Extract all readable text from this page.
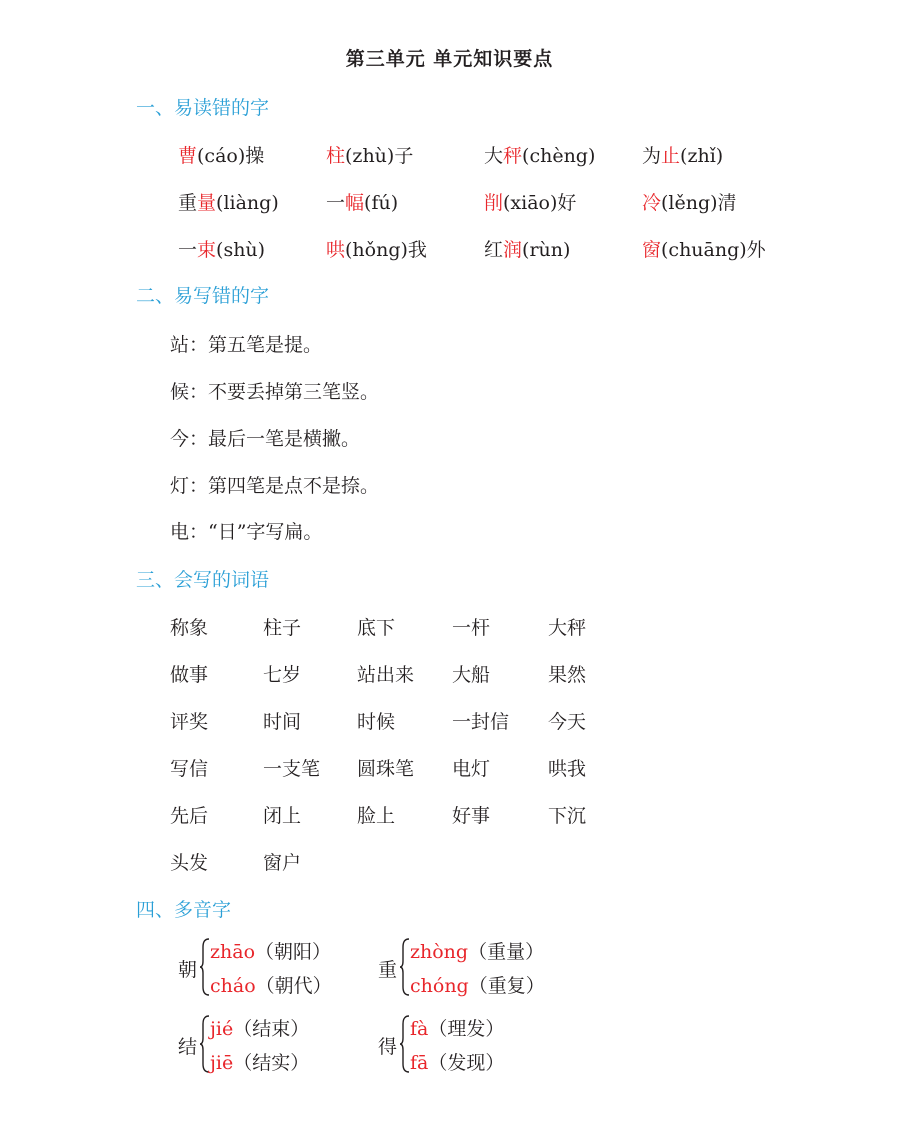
第三单元 单元知识要点
一、易读错的字
曹(cáo)操	柱(zhù)子	大秤(chèng) 为止(zhǐ)
重量(liàng) 一幅(fú)	削(xiāo)好	冷(lěng)清
一束(shù)	哄(hǒng)我	红润(rùn)	窗(chuāng)外
二、易写错的字
站：第五笔是提。
候：不要丢掉第三笔竖。
今：最后一笔是横撇。
灯：第四笔是点不是捺。
电：“日”字写扁。
三、会写的词语
称象	柱子	底下	一杆	大秤
做事	七岁	站出来 大船	果然
评奖	时间	时候	一封信 今天
写信	一支笔 圆珠笔 电灯	哄我
先后	闭上	脸上	好事	下沉
头发	窗户
四、多音字
朝
zhāo（朝阳）
cháo（朝代）
重
zhòng（重量）
chóng（重复）
结
jié（结束）
jiē（结实）
得
fà（理发）
fā（发现）
